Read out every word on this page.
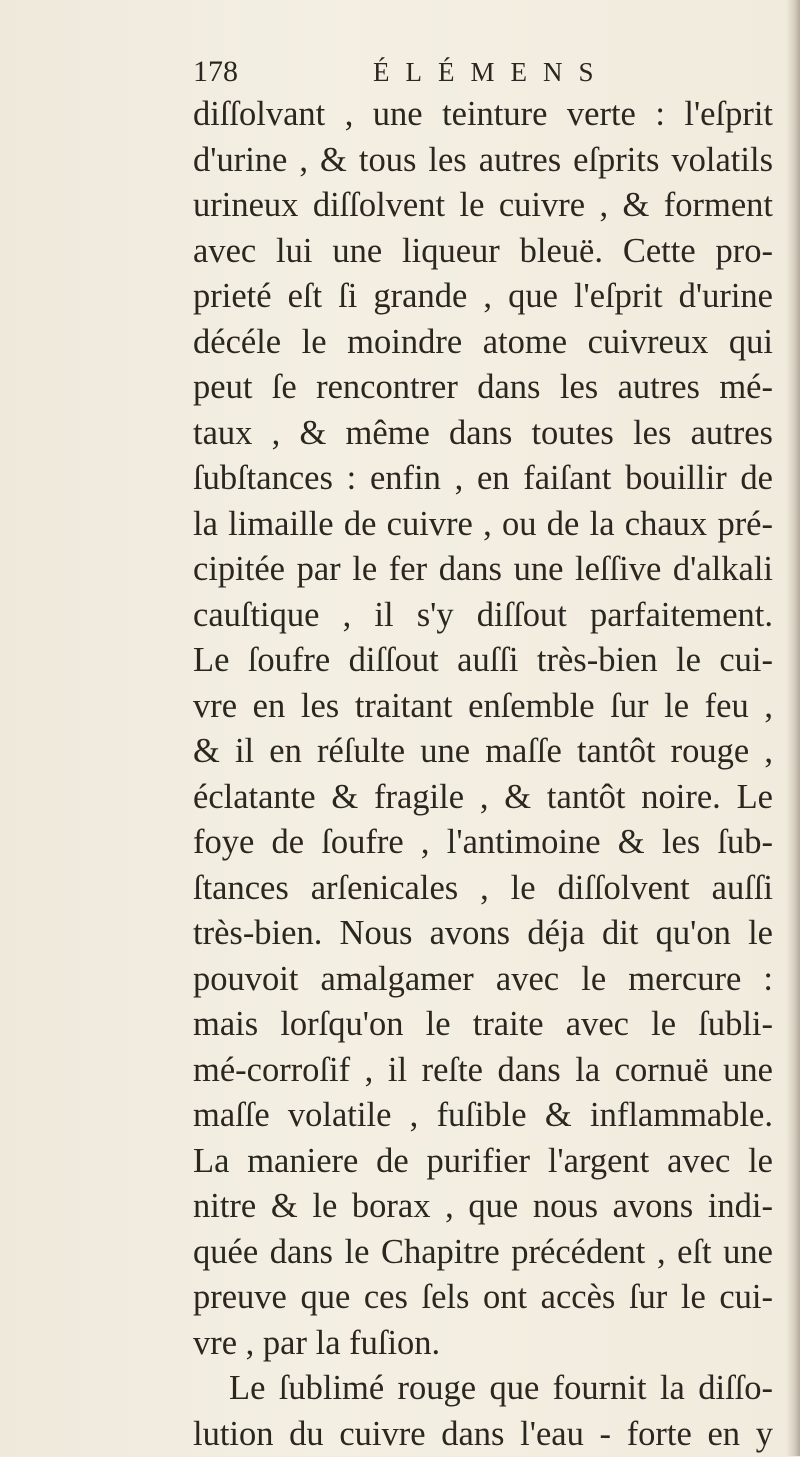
178	ÉLÉMENS
diſſolvant , une teinture verte : l'eſprit
d'urine , & tous les autres eſprits volatils
urineux diſſolvent le cuivre , & forment
avec lui une liqueur bleuë. Cette pro-
prieté eſt ſi grande , que l'eſprit d'urine
décéle le moindre atome cuivreux qui
peut ſe rencontrer dans les autres mé-
taux , & même dans toutes les autres
ſubſtances : enfin , en faiſant bouillir de
la limaille de cuivre , ou de la chaux pré-
cipitée par le fer dans une leſſive d'alkali
cauſtique , il s'y diſſout parfaitement.
Le ſoufre diſſout auſſi très-bien le cui-
vre en les traitant enſemble ſur le feu ,
& il en réſulte une maſſe tantôt rouge ,
éclatante & fragile , & tantôt noire. Le
foye de ſoufre , l'antimoine & les ſub-
ſtances arſenicales , le diſſolvent auſſi
très-bien. Nous avons déja dit qu'on le
pouvoit amalgamer avec le mercure :
mais lorſqu'on le traite avec le ſubli-
mé-corroſif , il reſte dans la cornuë une
maſſe volatile , fuſible & inflammable.
La maniere de purifier l'argent avec le
nitre & le borax , que nous avons indi-
quée dans le Chapitre précédent , eſt une
preuve que ces ſels ont accès ſur le cui-
vre , par la fuſion.
Le ſublimé rouge que fournit la diſſo-
lution du cuivre dans l'eau - forte en y
